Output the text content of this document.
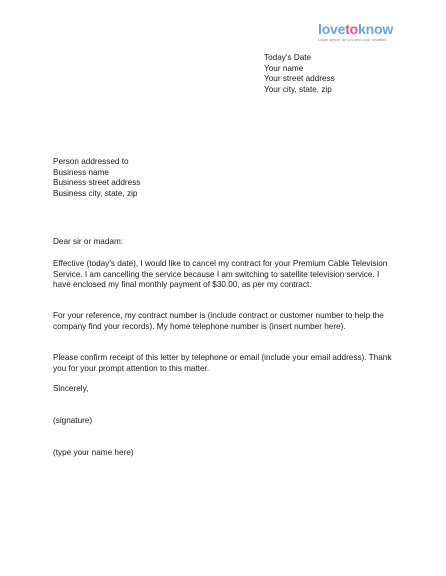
lovetoknow
Legal advice for you and your situation
Today's Date
Your name
Your street address
Your city, state, zip
Person addressed to
Business name
Business street address
Business city, state, zip
Dear sir or madam:
Effective (today's date), I would like to cancel my contract for your Premium Cable Television Service. I am cancelling the service because I am switching to satellite television service. I have enclosed my final monthly payment of $30.00, as per my contract.
For your reference, my contract number is (include contract or customer number to help the company find your records). My home telephone number is (insert number here).
Please confirm receipt of this letter by telephone or email (include your email address). Thank you for your prompt attention to this matter.
Sincerely,
(signature)
(type your name here)
